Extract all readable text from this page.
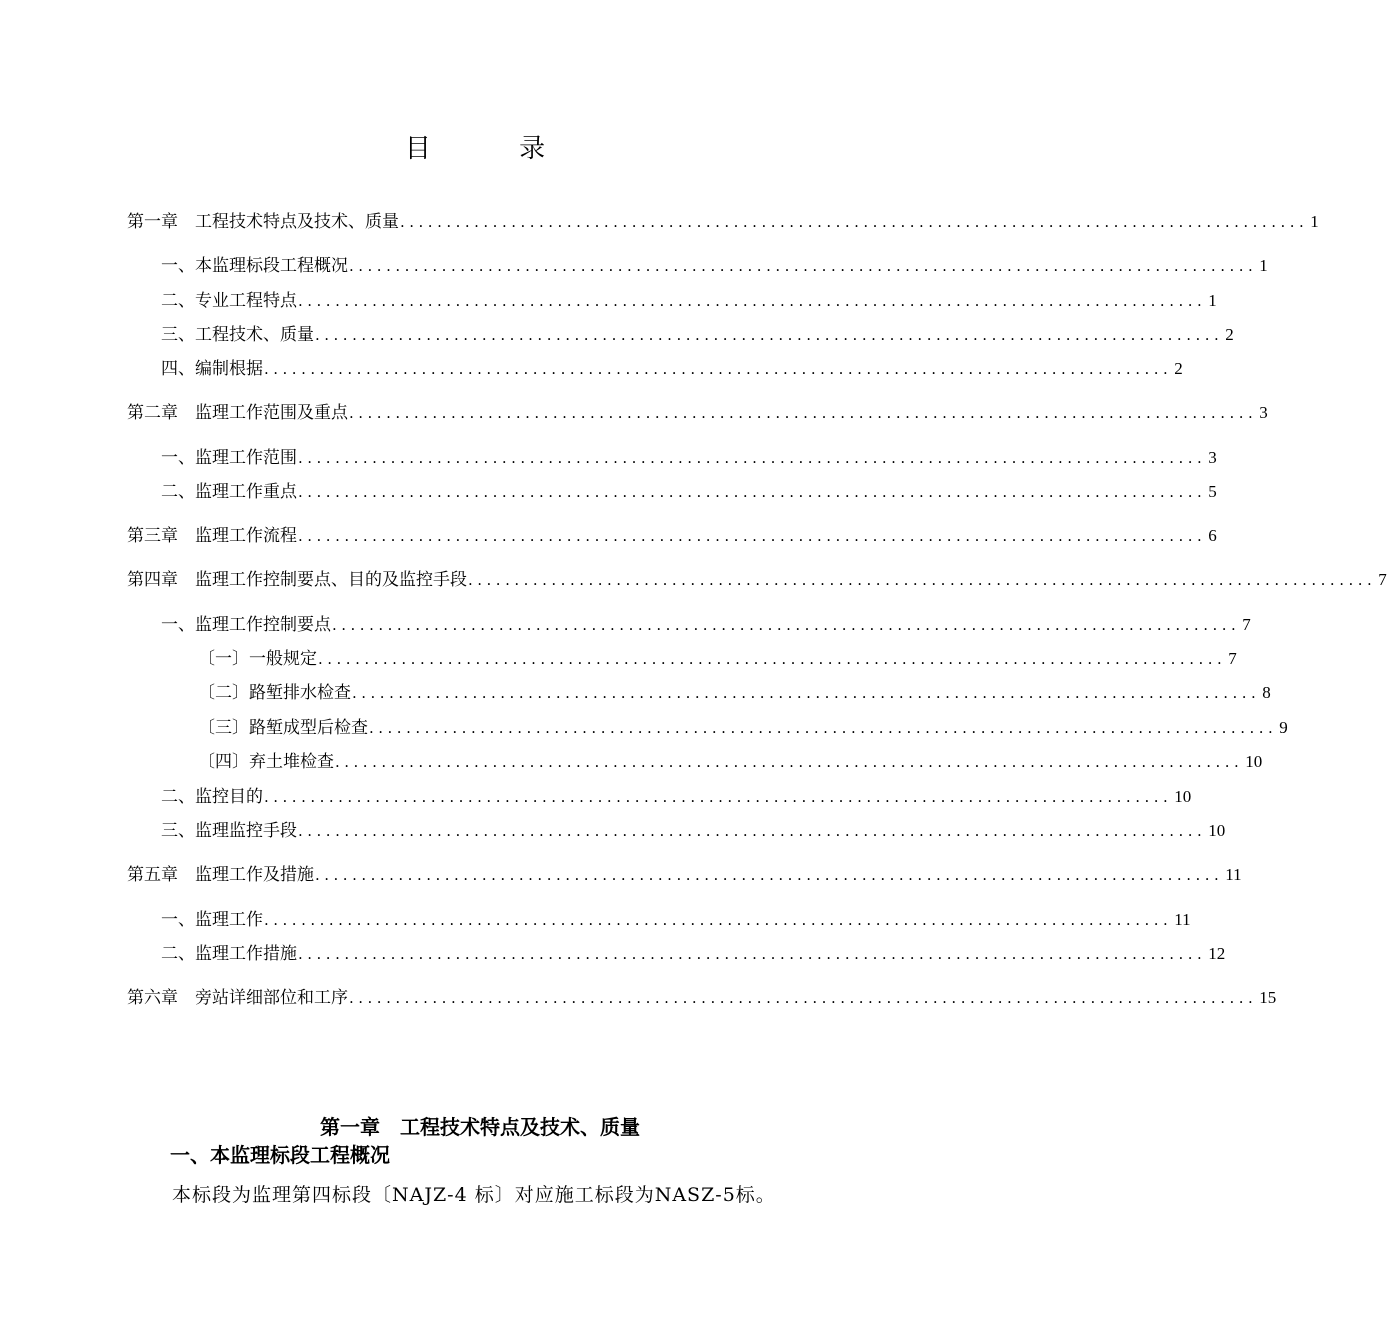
目 录
第一章　工程技术特点及技术、质量 .................................................................................................. 1
一、本监理标段工程概况 .................................................................................................. 1
二、专业工程特点 .................................................................................................. 1
三、工程技术、质量 .................................................................................................. 2
四、编制根据 .................................................................................................. 2
第二章　监理工作范围及重点 .................................................................................................. 3
一、监理工作范围 .................................................................................................. 3
二、监理工作重点 .................................................................................................. 5
第三章　监理工作流程 .................................................................................................. 6
第四章　监理工作控制要点、目的及监控手段 .................................................................................................. 7
一、监理工作控制要点 .................................................................................................. 7
〔一〕一般规定 .................................................................................................. 7
〔二〕路堑排水检查 .................................................................................................. 8
〔三〕路堑成型后检查 .................................................................................................. 9
〔四〕弃土堆检查 .................................................................................................. 10
二、监控目的 .................................................................................................. 10
三、监理监控手段 .................................................................................................. 10
第五章　监理工作及措施 .................................................................................................. 11
一、监理工作 .................................................................................................. 11
二、监理工作措施 .................................................................................................. 12
第六章　旁站详细部位和工序 .................................................................................................. 15
第一章　工程技术特点及技术、质量
一、本监理标段工程概况
本标段为监理第四标段〔NAJZ-4 标〕对应施工标段为NASZ-5标。
